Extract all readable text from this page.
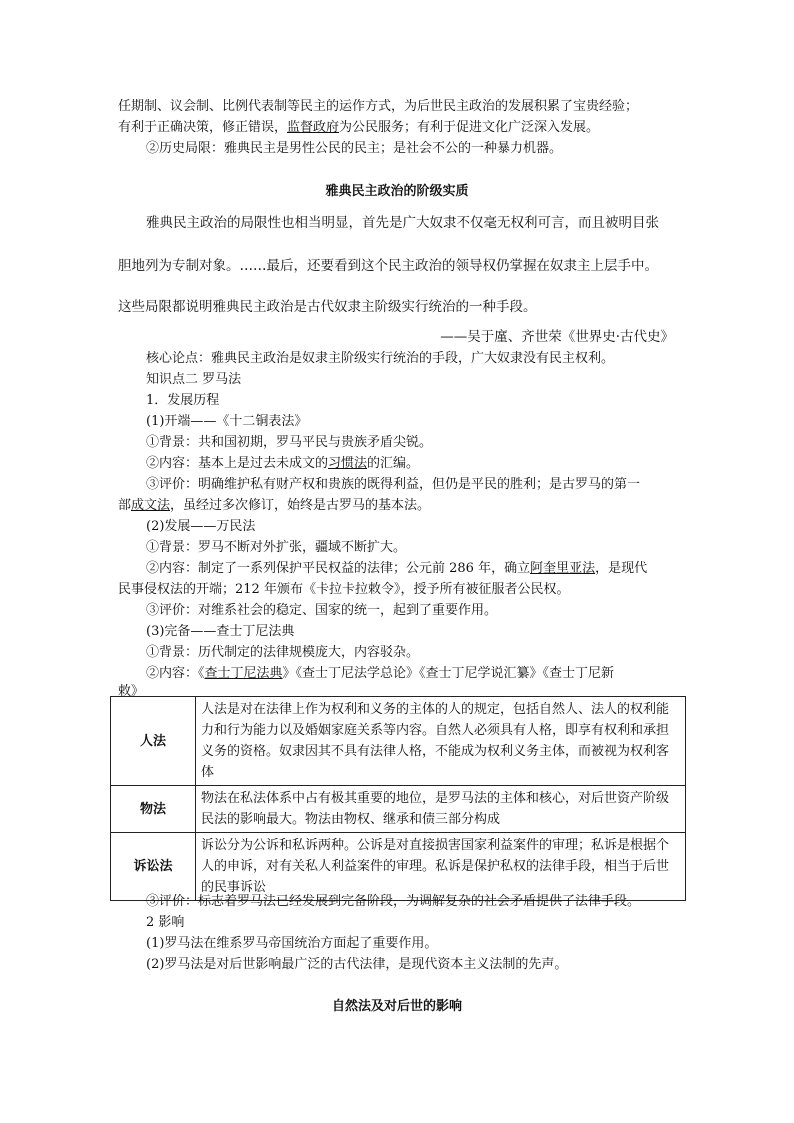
任期制、议会制、比例代表制等民主的运作方式，为后世民主政治的发展积累了宝贵经验；
有利于正确决策，修正错误，监督政府为公民服务；有利于促进文化广泛深入发展。
②历史局限：雅典民主是男性公民的民主；是社会不公的一种暴力机器。
雅典民主政治的阶级实质
雅典民主政治的局限性也相当明显，首先是广大奴隶不仅毫无权利可言，而且被明目张
胆地列为专制对象。……最后，还要看到这个民主政治的领导权仍掌握在奴隶主上层手中。
这些局限都说明雅典民主政治是古代奴隶主阶级实行统治的一种手段。
——吴于廑、齐世荣《世界史·古代史》
核心论点：雅典民主政治是奴隶主阶级实行统治的手段，广大奴隶没有民主权利。
知识点二 罗马法
1．发展历程
(1)开端——《十二铜表法》
①背景：共和国初期，罗马平民与贵族矛盾尖锐。
②内容：基本上是过去未成文的习惯法的汇编。
③评价：明确维护私有财产权和贵族的既得利益，但仍是平民的胜利；是古罗马的第一
部成文法，虽经过多次修订，始终是古罗马的基本法。
(2)发展——万民法
①背景：罗马不断对外扩张，疆域不断扩大。
②内容：制定了一系列保护平民权益的法律；公元前 286 年，确立阿奎里亚法，是现代
民事侵权法的开端；212 年颁布《卡拉卡拉敕令》，授予所有被征服者公民权。
③评价：对维系社会的稳定、国家的统一，起到了重要作用。
(3)完备——查士丁尼法典
①背景：历代制定的法律规模庞大，内容驳杂。
②内容：《查士丁尼法典》《查士丁尼法学总论》《查士丁尼学说汇纂》《查士丁尼新
敕》
人法	人法是对在法律上作为权利和义务的主体的人的规定，包括自然人、法人的权利能力和行为能力以及婚姻家庭关系等内容。自然人必须具有人格，即享有权利和承担义务的资格。奴隶因其不具有法律人格，不能成为权利义务主体，而被视为权利客体
物法	物法在私法体系中占有极其重要的地位，是罗马法的主体和核心，对后世资产阶级民法的影响最大。物法由物权、继承和债三部分构成
诉讼法	诉讼分为公诉和私诉两种。公诉是对直接损害国家利益案件的审理；私诉是根据个人的申诉，对有关私人利益案件的审理。私诉是保护私权的法律手段，相当于后世的民事诉讼
③评价：标志着罗马法已经发展到完备阶段，为调解复杂的社会矛盾提供了法律手段。
2 影响
(1)罗马法在维系罗马帝国统治方面起了重要作用。
(2)罗马法是对后世影响最广泛的古代法律，是现代资本主义法制的先声。
自然法及对后世的影响
